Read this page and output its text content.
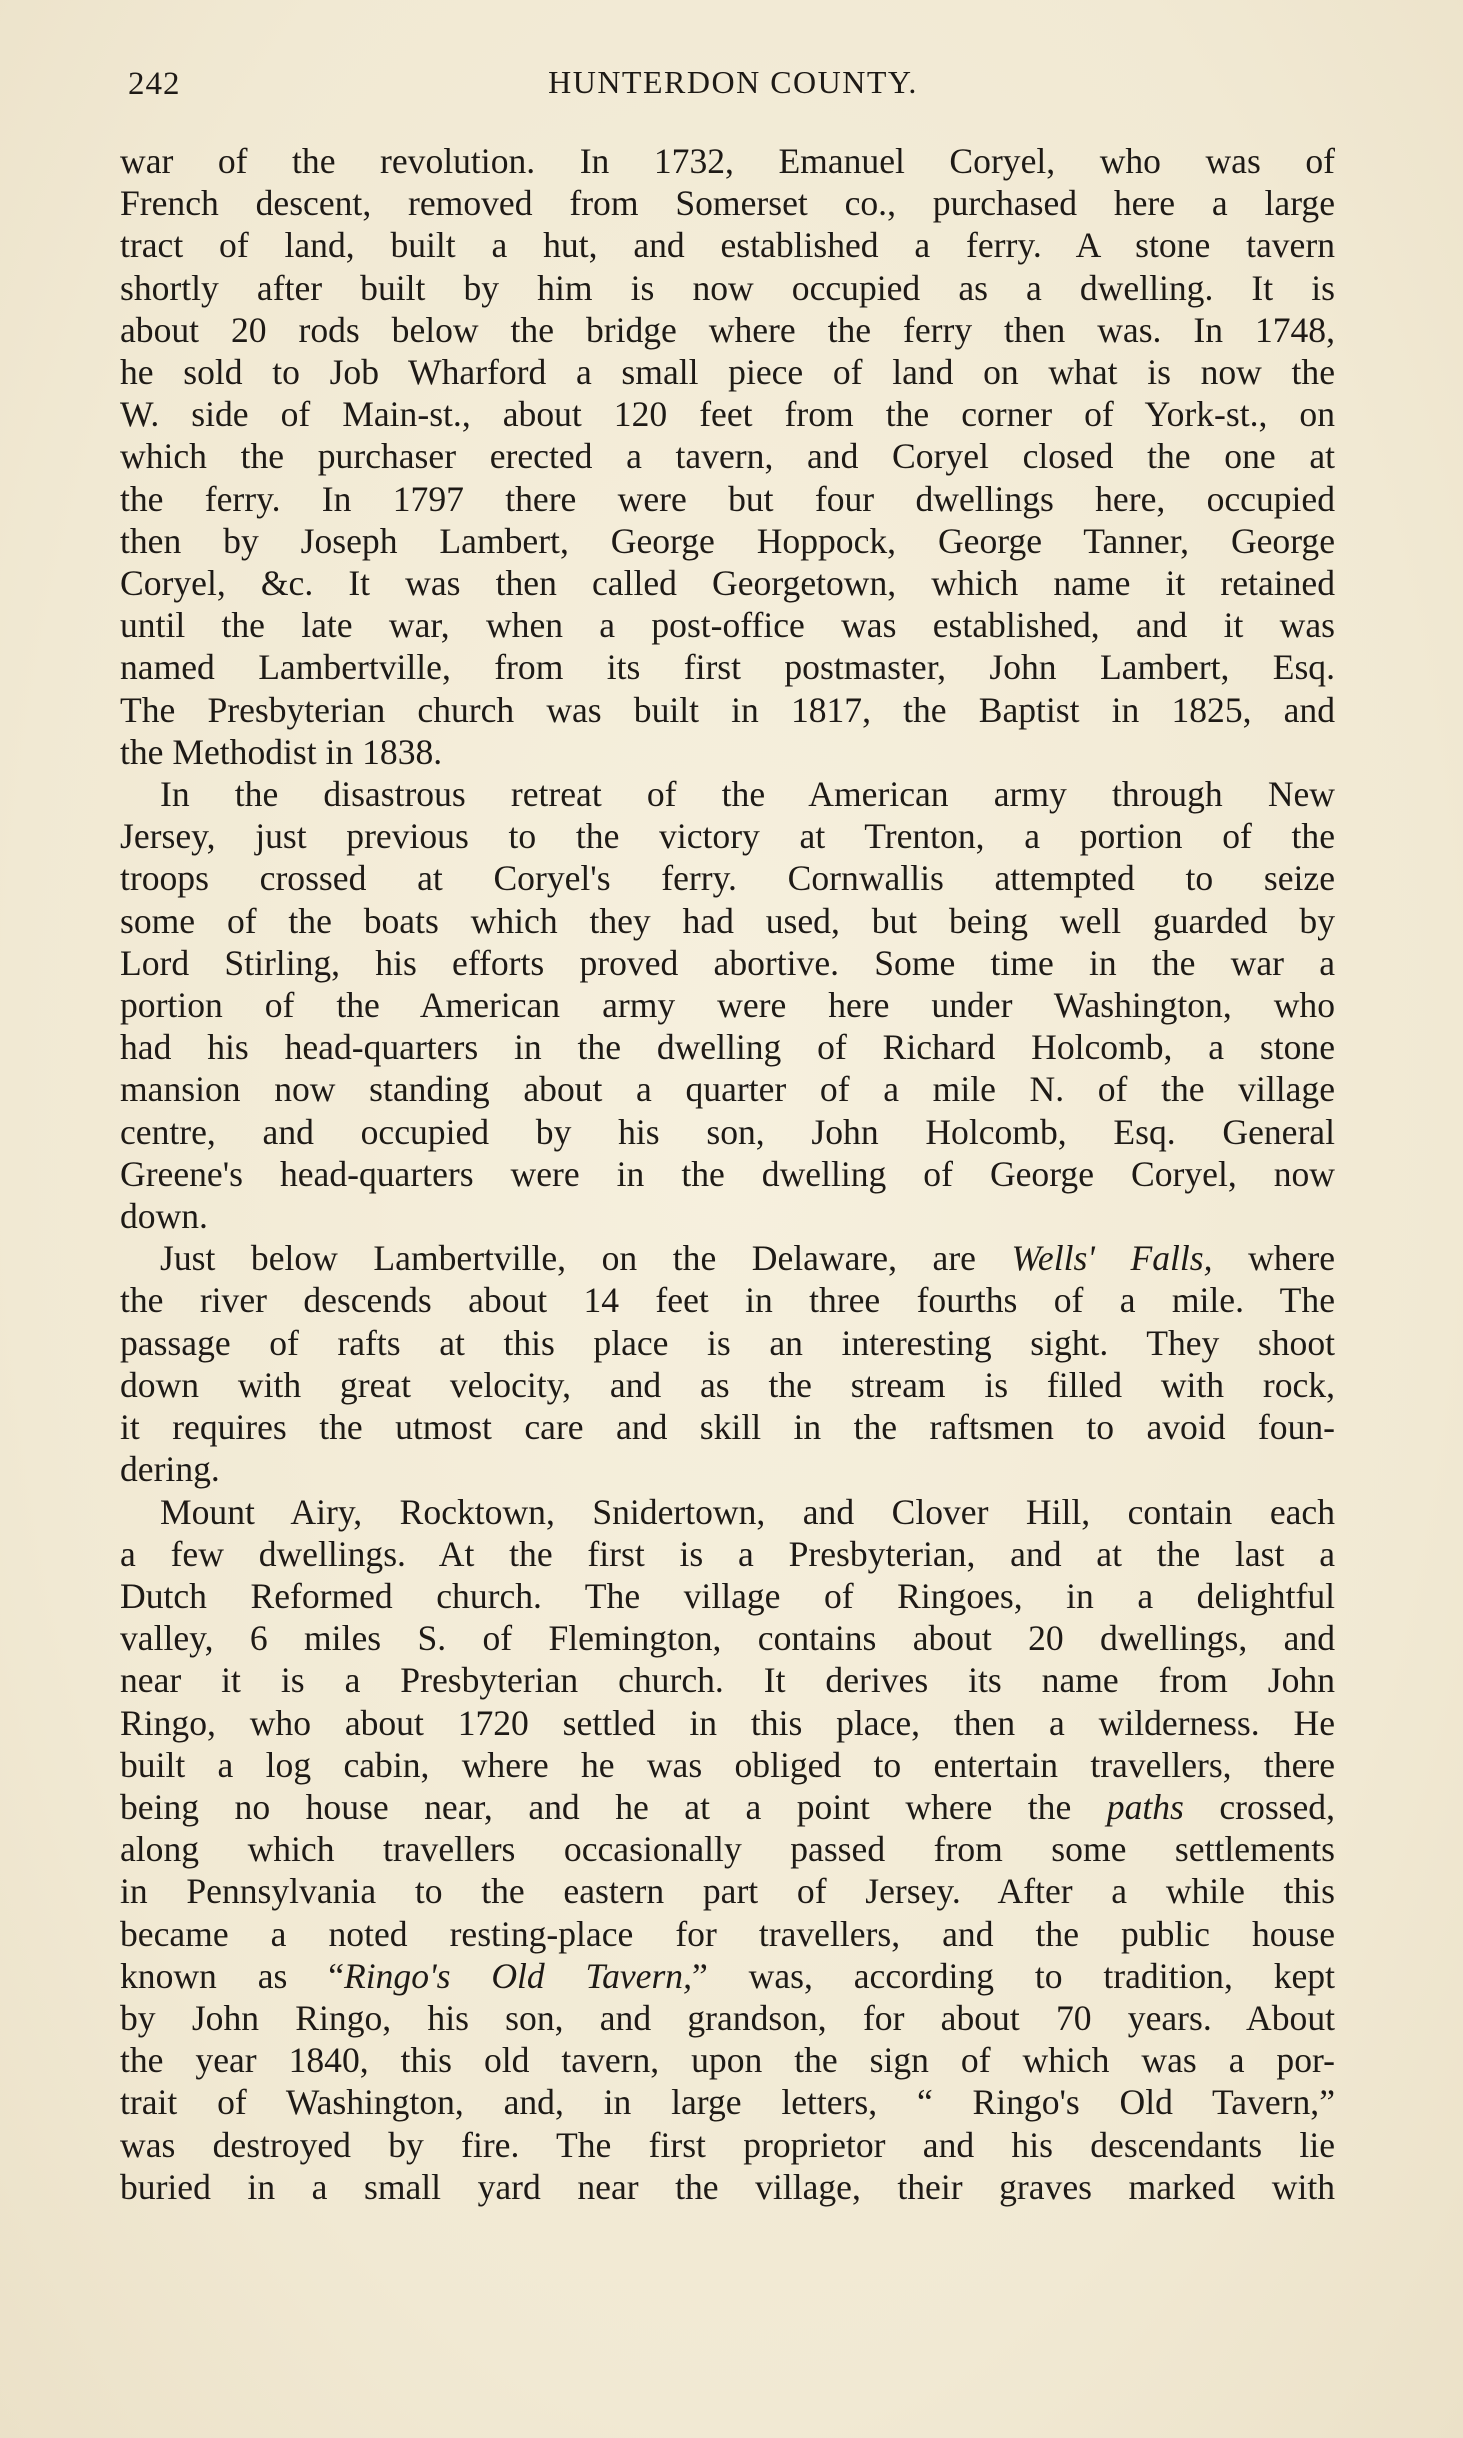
242	HUNTERDON COUNTY.

war of the revolution. In 1732, Emanuel Coryel, who was of
French descent, removed from Somerset co., purchased here a large
tract of land, built a hut, and established a ferry. A stone tavern
shortly after built by him is now occupied as a dwelling. It is
about 20 rods below the bridge where the ferry then was. In 1748,
he sold to Job Wharford a small piece of land on what is now the
W. side of Main-st., about 120 feet from the corner of York-st., on
which the purchaser erected a tavern, and Coryel closed the one at
the ferry. In 1797 there were but four dwellings here, occupied
then by Joseph Lambert, George Hoppock, George Tanner, George
Coryel, &c. It was then called Georgetown, which name it retained
until the late war, when a post-office was established, and it was
named Lambertville, from its first postmaster, John Lambert, Esq.
The Presbyterian church was built in 1817, the Baptist in 1825, and
the Methodist in 1838.

In the disastrous retreat of the American army through New
Jersey, just previous to the victory at Trenton, a portion of the
troops crossed at Coryel's ferry. Cornwallis attempted to seize
some of the boats which they had used, but being well guarded by
Lord Stirling, his efforts proved abortive. Some time in the war a
portion of the American army were here under Washington, who
had his head-quarters in the dwelling of Richard Holcomb, a stone
mansion now standing about a quarter of a mile N. of the village
centre, and occupied by his son, John Holcomb, Esq. General
Greene's head-quarters were in the dwelling of George Coryel, now
down.

Just below Lambertville, on the Delaware, are Wells' Falls, where
the river descends about 14 feet in three fourths of a mile. The
passage of rafts at this place is an interesting sight. They shoot
down with great velocity, and as the stream is filled with rock,
it requires the utmost care and skill in the raftsmen to avoid foun-
dering.

Mount Airy, Rocktown, Snidertown, and Clover Hill, contain each
a few dwellings. At the first is a Presbyterian, and at the last a
Dutch Reformed church. The village of Ringoes, in a delightful
valley, 6 miles S. of Flemington, contains about 20 dwellings, and
near it is a Presbyterian church. It derives its name from John
Ringo, who about 1720 settled in this place, then a wilderness. He
built a log cabin, where he was obliged to entertain travellers, there
being no house near, and he at a point where the paths crossed,
along which travellers occasionally passed from some settlements
in Pennsylvania to the eastern part of Jersey. After a while this
became a noted resting-place for travellers, and the public house
known as “Ringo's Old Tavern,” was, according to tradition, kept
by John Ringo, his son, and grandson, for about 70 years. About
the year 1840, this old tavern, upon the sign of which was a por-
trait of Washington, and, in large letters, “ Ringo's Old Tavern,”
was destroyed by fire. The first proprietor and his descendants lie
buried in a small yard near the village, their graves marked with
